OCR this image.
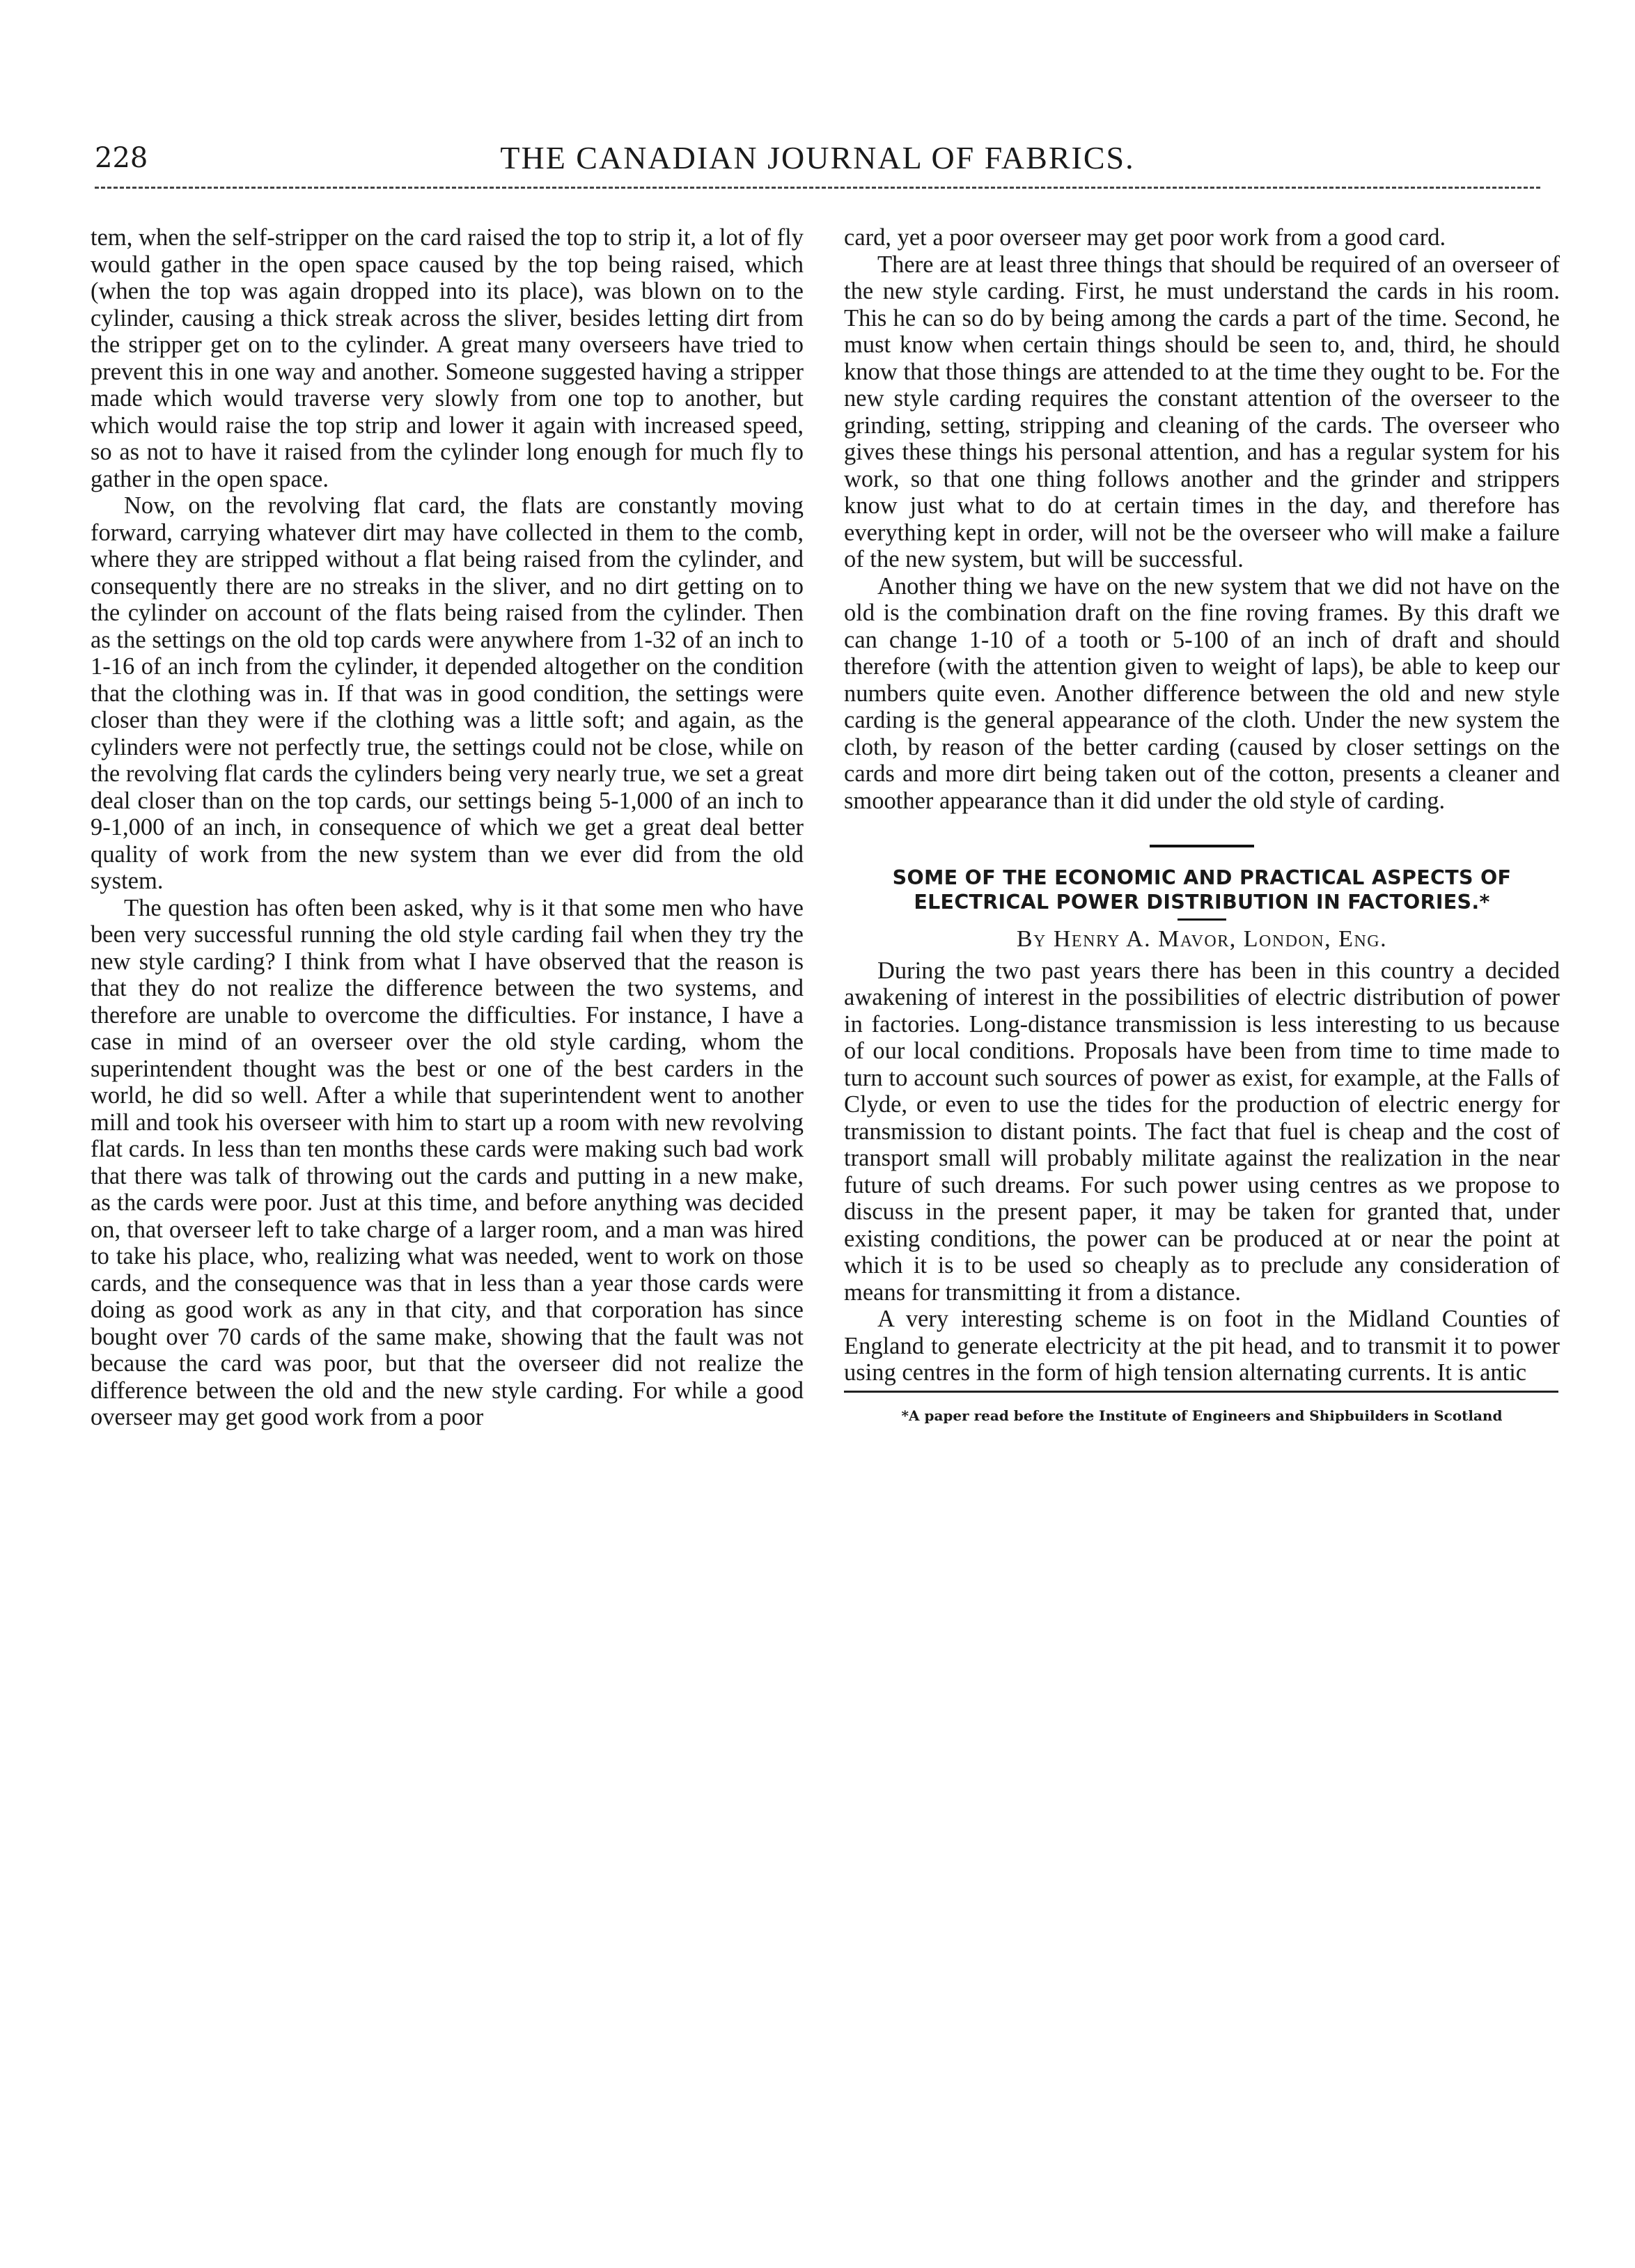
228	THE CANADIAN JOURNAL OF FABRICS.

tem, when the self-stripper on the card raised the top to strip it, a lot of fly would gather in the open space caused by the top being raised, which (when the top was again dropped into its place), was blown on to the cylinder, causing a thick streak across the sliver, besides letting dirt from the stripper get on to the cylinder. A great many overseers have tried to prevent this in one way and another. Someone suggested having a stripper made which would traverse very slowly from one top to another, but which would raise the top strip and lower it again with increased speed, so as not to have it raised from the cylinder long enough for much fly to gather in the open space.

Now, on the revolving flat card, the flats are constantly moving forward, carrying whatever dirt may have collected in them to the comb, where they are stripped without a flat being raised from the cylinder, and consequently there are no streaks in the sliver, and no dirt getting on to the cylinder on account of the flats being raised from the cylinder. Then as the settings on the old top cards were anywhere from 1-32 of an inch to 1-16 of an inch from the cylinder, it depended altogether on the condition that the clothing was in. If that was in good condition, the settings were closer than they were if the clothing was a little soft; and again, as the cylinders were not perfectly true, the settings could not be close, while on the revolving flat cards the cylinders being very nearly true, we set a great deal closer than on the top cards, our settings being 5-1,000 of an inch to 9-1,000 of an inch, in consequence of which we get a great deal better quality of work from the new system than we ever did from the old system.

The question has often been asked, why is it that some men who have been very successful running the old style carding fail when they try the new style carding? I think from what I have observed that the reason is that they do not realize the difference between the two systems, and therefore are unable to overcome the difficulties. For instance, I have a case in mind of an overseer over the old style carding, whom the superintendent thought was the best or one of the best carders in the world, he did so well. After a while that superintendent went to another mill and took his overseer with him to start up a room with new revolving flat cards. In less than ten months these cards were making such bad work that there was talk of throwing out the cards and putting in a new make, as the cards were poor. Just at this time, and before anything was decided on, that overseer left to take charge of a larger room, and a man was hired to take his place, who, realizing what was needed, went to work on those cards, and the consequence was that in less than a year those cards were doing as good work as any in that city, and that corporation has since bought over 70 cards of the same make, showing that the fault was not because the card was poor, but that the overseer did not realize the difference between the old and the new style carding. For while a good overseer may get good work from a poor

card, yet a poor overseer may get poor work from a good card.

There are at least three things that should be required of an overseer of the new style carding. First, he must understand the cards in his room. This he can so do by being among the cards a part of the time. Second, he must know when certain things should be seen to, and, third, he should know that those things are attended to at the time they ought to be. For the new style carding requires the constant attention of the overseer to the grinding, setting, stripping and cleaning of the cards. The overseer who gives these things his personal attention, and has a regular system for his work, so that one thing follows another and the grinder and strippers know just what to do at certain times in the day, and therefore has everything kept in order, will not be the overseer who will make a failure of the new system, but will be successful.

Another thing we have on the new system that we did not have on the old is the combination draft on the fine roving frames. By this draft we can change 1-10 of a tooth or 5-100 of an inch of draft and should therefore (with the attention given to weight of laps), be able to keep our numbers quite even. Another difference between the old and new style carding is the general appearance of the cloth. Under the new system the cloth, by reason of the better carding (caused by closer settings on the cards and more dirt being taken out of the cotton, presents a cleaner and smoother appearance than it did under the old style of carding.

SOME OF THE ECONOMIC AND PRACTICAL ASPECTS OF ELECTRICAL POWER DISTRIBUTION IN FACTORIES.*
By Henry A. Mavor, London, Eng.

During the two past years there has been in this country a decided awakening of interest in the possibilities of electric distribution of power in factories. Long-distance transmission is less interesting to us because of our local conditions. Proposals have been from time to time made to turn to account such sources of power as exist, for example, at the Falls of Clyde, or even to use the tides for the production of electric energy for transmission to distant points. The fact that fuel is cheap and the cost of transport small will probably militate against the realization in the near future of such dreams. For such power using centres as we propose to discuss in the present paper, it may be taken for granted that, under existing conditions, the power can be produced at or near the point at which it is to be used so cheaply as to preclude any consideration of means for transmitting it from a distance.

A very interesting scheme is on foot in the Midland Counties of England to generate electricity at the pit head, and to transmit it to power using centres in the form of high tension alternating currents. It is antic

*A paper read before the Institute of Engineers and Shipbuilders in Scotland
